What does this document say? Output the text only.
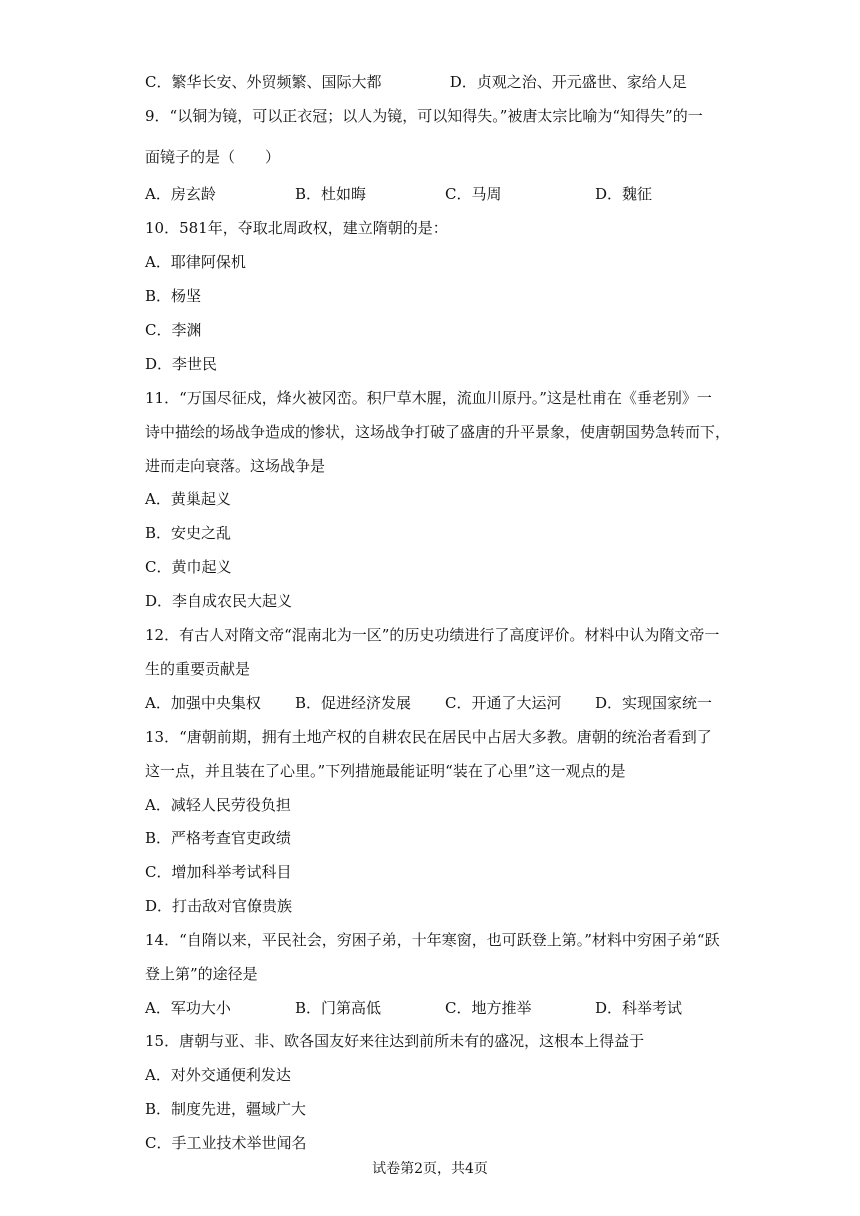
C．繁华长安、外贸频繁、国际大都	D．贞观之治、开元盛世、家给人足
9．“以铜为镜，可以正衣冠；以人为镜，可以知得失。”被唐太宗比喻为“知得失”的一
面镜子的是（　　）
A．房玄龄	B．杜如晦	C．马周	D．魏征
10．581年，夺取北周政权，建立隋朝的是：
A．耶律阿保机
B．杨坚
C．李渊
D．李世民
11．“万国尽征戍，烽火被冈峦。积尸草木腥，流血川原丹。”这是杜甫在《垂老别》一
诗中描绘的场战争造成的惨状，这场战争打破了盛唐的升平景象，使唐朝国势急转而下，
进而走向衰落。这场战争是
A．黄巢起义
B．安史之乱
C．黄巾起义
D．李自成农民大起义
12．有古人对隋文帝“混南北为一区”的历史功绩进行了高度评价。材料中认为隋文帝一
生的重要贡献是
A．加强中央集权	B．促进经济发展	C．开通了大运河	D．实现国家统一
13．“唐朝前期，拥有土地产权的自耕农民在居民中占居大多教。唐朝的统治者看到了
这一点，并且装在了心里。”下列措施最能证明“装在了心里”这一观点的是
A．减轻人民劳役负担
B．严格考查官吏政绩
C．增加科举考试科目
D．打击敌对官僚贵族
14．“自隋以来，平民社会，穷困子弟，十年寒窗，也可跃登上第。”材料中穷困子弟“跃
登上第”的途径是
A．军功大小	B．门第高低	C．地方推举	D．科举考试
15．唐朝与亚、非、欧各国友好来往达到前所未有的盛况，这根本上得益于
A．对外交通便利发达
B．制度先进，疆域广大
C．手工业技术举世闻名
试卷第2页，共4页
